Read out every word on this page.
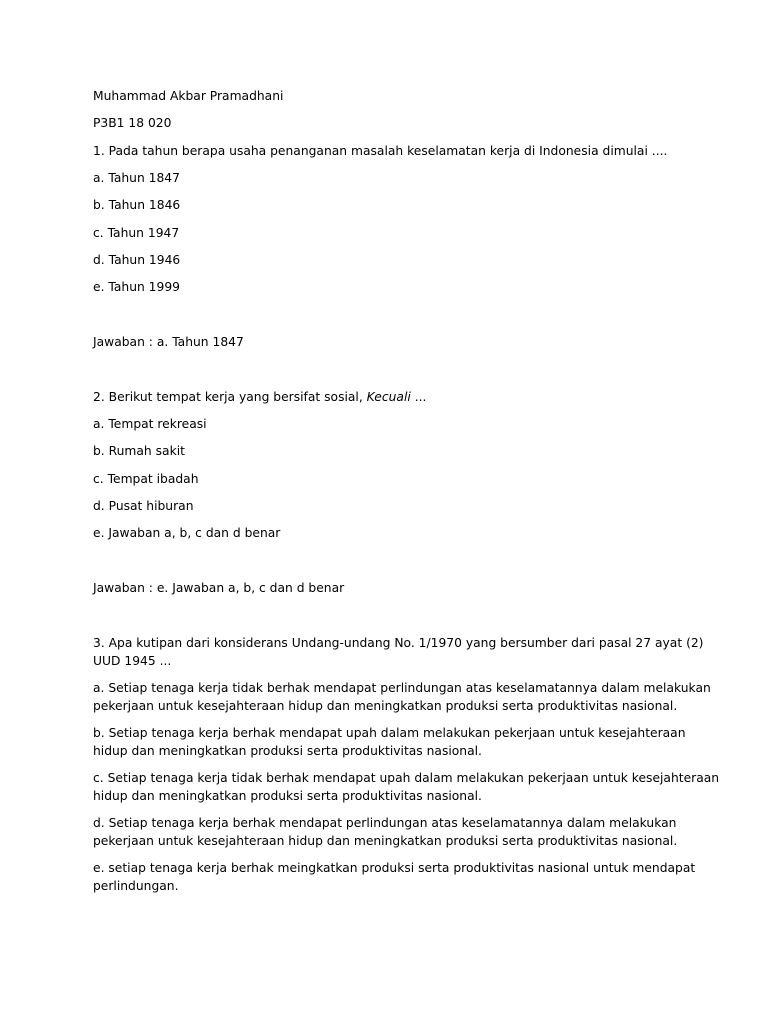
Muhammad Akbar Pramadhani
P3B1 18 020
1. Pada tahun berapa usaha penanganan masalah keselamatan kerja di Indonesia dimulai ....
a. Tahun 1847
b. Tahun 1846
c. Tahun 1947
d. Tahun 1946
e. Tahun 1999
Jawaban : a. Tahun 1847
2. Berikut tempat kerja yang bersifat sosial, Kecuali ...
a. Tempat rekreasi
b. Rumah sakit
c. Tempat ibadah
d. Pusat hiburan
e. Jawaban a, b, c dan d benar
Jawaban : e. Jawaban a, b, c dan d benar
3. Apa kutipan dari konsiderans Undang-undang No. 1/1970 yang bersumber dari pasal 27 ayat (2)
UUD 1945 ...
a. Setiap tenaga kerja tidak berhak mendapat perlindungan atas keselamatannya dalam melakukan
pekerjaan untuk kesejahteraan hidup dan meningkatkan produksi serta produktivitas nasional.
b. Setiap tenaga kerja berhak mendapat upah dalam melakukan pekerjaan untuk kesejahteraan
hidup dan meningkatkan produksi serta produktivitas nasional.
c. Setiap tenaga kerja tidak berhak mendapat upah dalam melakukan pekerjaan untuk kesejahteraan
hidup dan meningkatkan produksi serta produktivitas nasional.
d. Setiap tenaga kerja berhak mendapat perlindungan atas keselamatannya dalam melakukan
pekerjaan untuk kesejahteraan hidup dan meningkatkan produksi serta produktivitas nasional.
e. setiap tenaga kerja berhak meingkatkan produksi serta produktivitas nasional untuk mendapat
perlindungan.
